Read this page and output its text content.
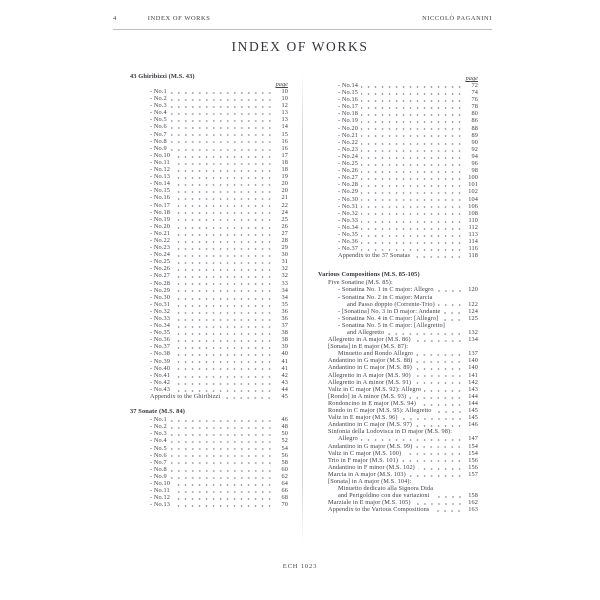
4	INDEX OF WORKS	NICCOLÒ PAGANINI
INDEX OF WORKS
43 Ghiribizzi (M.S. 43)
page
- No.1	10
- No.2	10
- No.3	12
- No.4	13
- No.5	13
- No.6	14
- No.7	15
- No.8	16
- No.9	16
- No.10	17
- No.11	18
- No.12	18
- No.13	19
- No.14	20
- No.15	20
- No.16	21
- No.17	22
- No.18	24
- No.19	25
- No.20	26
- No.21	27
- No.22	28
- No.23	29
- No.24	30
- No.25	31
- No.26	32
- No.27	32
- No.28	33
- No.29	34
- No.30	34
- No.31	35
- No.32	36
- No.33	36
- No.34	37
- No.35	38
- No.36	38
- No.37	39
- No.38	40
- No.39	41
- No.40	41
- No.41	42
- No.42	43
- No.43	44
Appendix to the Ghiribizzi	45
37 Sonate (M.S. 84)
- No.1	46
- No.2	48
- No.3	50
- No.4	52
- No.5	54
- No.6	56
- No.7	58
- No.8	60
- No.9	62
- No.10	64
- No.11	66
- No.12	68
- No.13	70
page
- No.14	72
- No.15	74
- No.16	76
- No.17	78
- No.18	80
- No.19	86
- No.20	88
- No.21	89
- No.22	90
- No.23	92
- No.24	94
- No.25	96
- No.26	98
- No.27	100
- No.28	101
- No.29	102
- No.30	104
- No.31	106
- No.32	108
- No.33	110
- No.34	112
- No.35	113
- No.36	114
- No.37	116
Appendix to the 37 Sonatas	118
Various Compositions (M.S. 85-105)
Five Sonatine (M.S. 85):
- Sonatina No. 1 in C major: Allegro	120
- Sonatina No. 2 in C major: Marcia
and Passo doppio (Corrente-Trio)	122
- [Sonatina] No. 3 in D major: Andante	124
- Sonatina No. 4 in C major: [Allegro]	125
- Sonatina No. 5 in C major: [Allegretto]
and Allegretto	132
Allegretto in A major (M.S. 86)	134
[Sonata] in E major (M.S. 87):
Minuetto and Rondo Allegro	137
Andantino in G major (M.S. 88)	140
Andantino in C major (M.S. 89)	140
Allegretto in A major (M.S. 90)	141
Allegretto in A minor (M.S. 91)	142
Valtz in C major (M.S. 92): Allegro	143
[Rondo] in A minor (M.S. 93)	144
Rondoncino in E major (M.S. 94)	144
Rondo in C major (M.S. 95): Allegretto	145
Valtz in E major (M.S. 96)	145
Andantino in C major (M.S. 97)	146
Sinfonia della Lodovisca in D major (M.S. 98):
Allegro	147
Andantino in G major (M.S. 99)	154
Valtz in C major (M.S. 100)	154
Trio in F major (M.S. 101)	156
Andantino in F minor (M.S. 102)	156
Marcia in A major (M.S. 103)	157
[Sonata] in A major (M.S. 104):
Minuetto dedicato alla Signora Dida
and Perigoldino con due variazioni	158
Marziale in E major (M.S. 105)	162
Appendix to the Various Compositions	163
ECH 1023
